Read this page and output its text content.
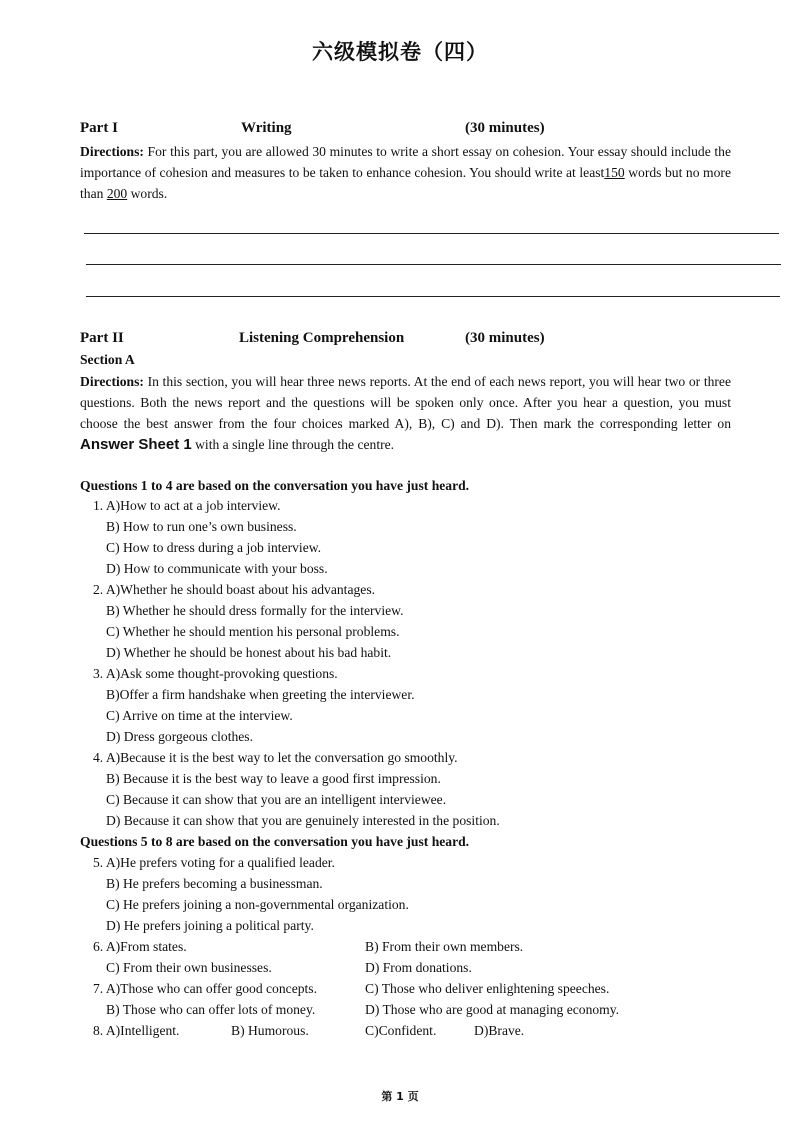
六级模拟卷（四）
Part I	Writing	(30 minutes)
Directions: For this part, you are allowed 30 minutes to write a short essay on cohesion. Your essay should include the importance of cohesion and measures to be taken to enhance cohesion. You should write at least150 words but no more than 200 words.
Part II	Listening Comprehension	(30 minutes)
Section A
Directions: In this section, you will hear three news reports. At the end of each news report, you will hear two or three questions. Both the news report and the questions will be spoken only once. After you hear a question, you must choose the best answer from the four choices marked A), B), C) and D). Then mark the corresponding letter on Answer Sheet 1 with a single line through the centre.
Questions 1 to 4 are based on the conversation you have just heard.
1. A)How to act at a job interview.
B) How to run one’s own business.
C) How to dress during a job interview.
D) How to communicate with your boss.
2. A)Whether he should boast about his advantages.
B) Whether he should dress formally for the interview.
C) Whether he should mention his personal problems.
D) Whether he should be honest about his bad habit.
3. A)Ask some thought-provoking questions.
B)Offer a firm handshake when greeting the interviewer.
C) Arrive on time at the interview.
D) Dress gorgeous clothes.
4. A)Because it is the best way to let the conversation go smoothly.
B) Because it is the best way to leave a good first impression.
C) Because it can show that you are an intelligent interviewee.
D) Because it can show that you are genuinely interested in the position.
Questions 5 to 8 are based on the conversation you have just heard.
5. A)He prefers voting for a qualified leader.
B) He prefers becoming a businessman.
C) He prefers joining a non-governmental organization.
D) He prefers joining a political party.
6. A)From states.	B) From their own members.
C) From their own businesses.	D) From donations.
7. A)Those who can offer good concepts.	C) Those who deliver enlightening speeches.
B) Those who can offer lots of money.	D) Those who are good at managing economy.
8. A)Intelligent.	B) Humorous.	C)Confident.	D)Brave.
第 1 页
